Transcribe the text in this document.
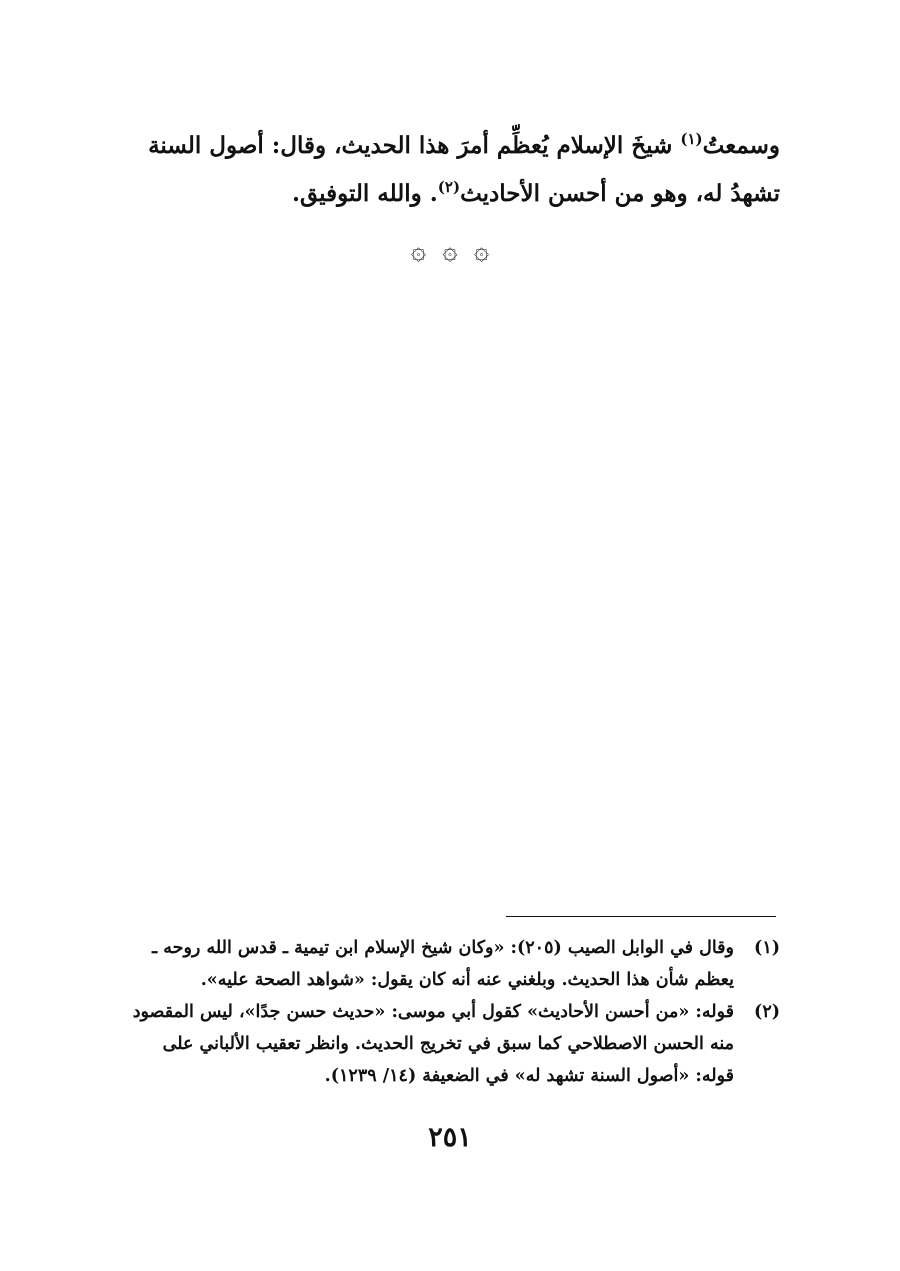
وسمعتُ$^{(١)}$ شيخَ الإسلام يُعظِّم أمرَ هذا الحديث، وقال: أصول السنة

تشهدُ له، وهو من أحسن الأحاديث$^{(٢)}$. والله التوفيق.

۞ ۞ ۞
(١)

وقال في الوابل الصيب (٢٠٥): «وكان شيخ الإسلام ابن تيمية ـ قدس الله روحه ـ

يعظم شأن هذا الحديث. وبلغني عنه أنه كان يقول: «شواهد الصحة عليه».

(٢)

قوله: «من أحسن الأحاديث» كقول أبي موسى: «حديث حسن جدًا»، ليس المقصود

منه الحسن الاصطلاحي كما سبق في تخريج الحديث. وانظر تعقيب الألباني على

قوله: «أصول السنة تشهد له» في الضعيفة (١٤/ ١٢٣٩).

٢٥١
